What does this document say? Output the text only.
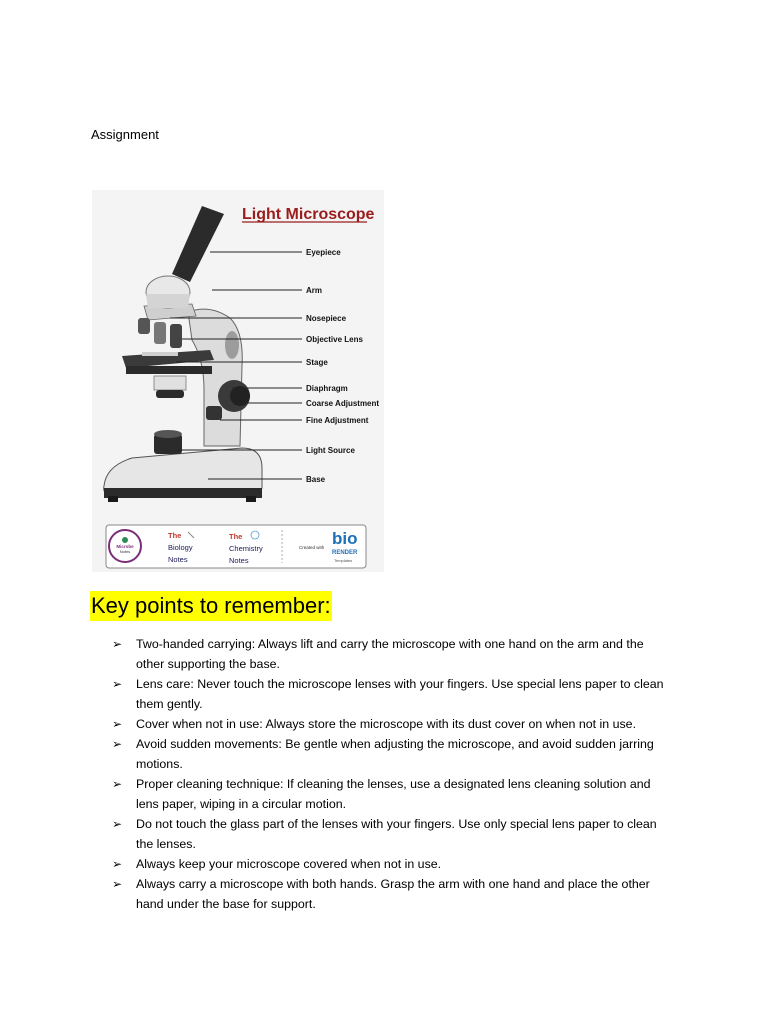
Assignment
Light Microscope
Eyepiece
Arm
Nosepiece
Objective Lens
Stage
Diaphragm
Coarse Adjustment
Fine Adjustment
Light Source
Base
Microbe
Notes
The
Biology
Notes
The
Chemistry
Notes
Created with bio
RENDER
Templates
Key points to remember:
➢ Two-handed carrying: Always lift and carry the microscope with one hand on the arm and the other supporting the base.
➢ Lens care: Never touch the microscope lenses with your fingers. Use special lens paper to clean them gently.
➢ Cover when not in use: Always store the microscope with its dust cover on when not in use.
➢ Avoid sudden movements: Be gentle when adjusting the microscope, and avoid sudden jarring motions.
➢ Proper cleaning technique: If cleaning the lenses, use a designated lens cleaning solution and lens paper, wiping in a circular motion.
➢ Do not touch the glass part of the lenses with your fingers. Use only special lens paper to clean the lenses.
➢ Always keep your microscope covered when not in use.
➢ Always carry a microscope with both hands. Grasp the arm with one hand and place the other hand under the base for support.
